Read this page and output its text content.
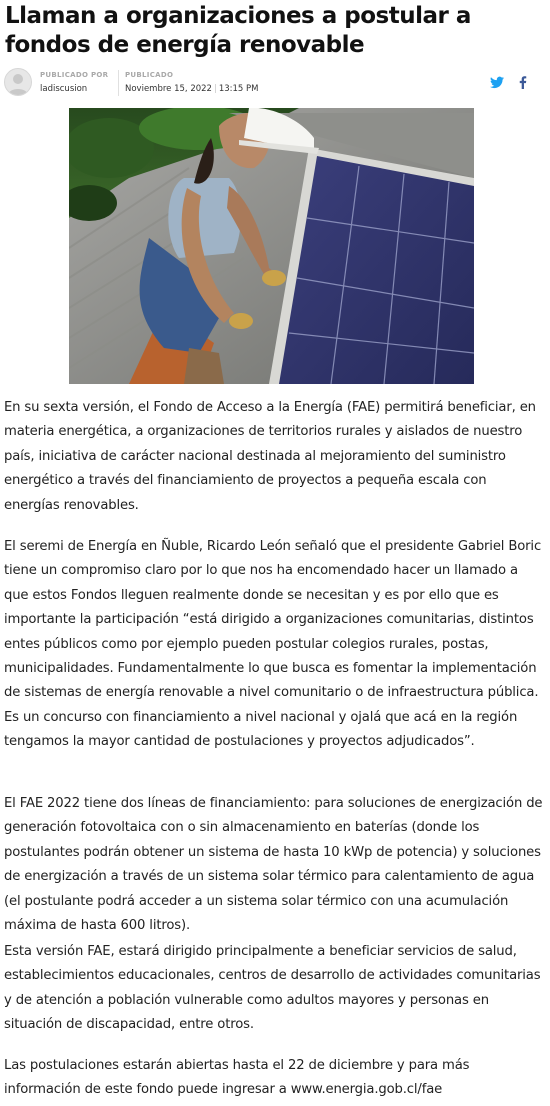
Llaman a organizaciones a postular a fondos de energía renovable
PUBLICADO POR
ladiscusion
PUBLICADO
Noviembre 15, 2022 | 13:15 PM

En su sexta versión, el Fondo de Acceso a la Energía (FAE) permitirá beneficiar, en materia energética, a organizaciones de territorios rurales y aislados de nuestro país, iniciativa de carácter nacional destinada al mejoramiento del suministro energético a través del financiamiento de proyectos a pequeña escala con energías renovables.

El seremi de Energía en Ñuble, Ricardo León señaló que el presidente Gabriel Boric tiene un compromiso claro por lo que nos ha encomendado hacer un llamado a que estos Fondos lleguen realmente donde se necesitan y es por ello que es importante la participación “está dirigido a organizaciones comunitarias, distintos entes públicos como por ejemplo pueden postular colegios rurales, postas, municipalidades. Fundamentalmente lo que busca es fomentar la implementación de sistemas de energía renovable a nivel comunitario o de infraestructura pública. Es un concurso con financiamiento a nivel nacional y ojalá que acá en la región tengamos la mayor cantidad de postulaciones y proyectos adjudicados”.

El FAE 2022 tiene dos líneas de financiamiento: para soluciones de energización de generación fotovoltaica con o sin almacenamiento en baterías (donde los postulantes podrán obtener un sistema de hasta 10 kWp de potencia) y soluciones de energización a través de un sistema solar térmico para calentamiento de agua (el postulante podrá acceder a un sistema solar térmico con una acumulación máxima de hasta 600 litros).

Esta versión FAE, estará dirigido principalmente a beneficiar servicios de salud, establecimientos educacionales, centros de desarrollo de actividades comunitarias y de atención a población vulnerable como adultos mayores y personas en situación de discapacidad, entre otros.

Las postulaciones estarán abiertas hasta el 22 de diciembre y para más información de este fondo puede ingresar a www.energia.gob.cl/fae
